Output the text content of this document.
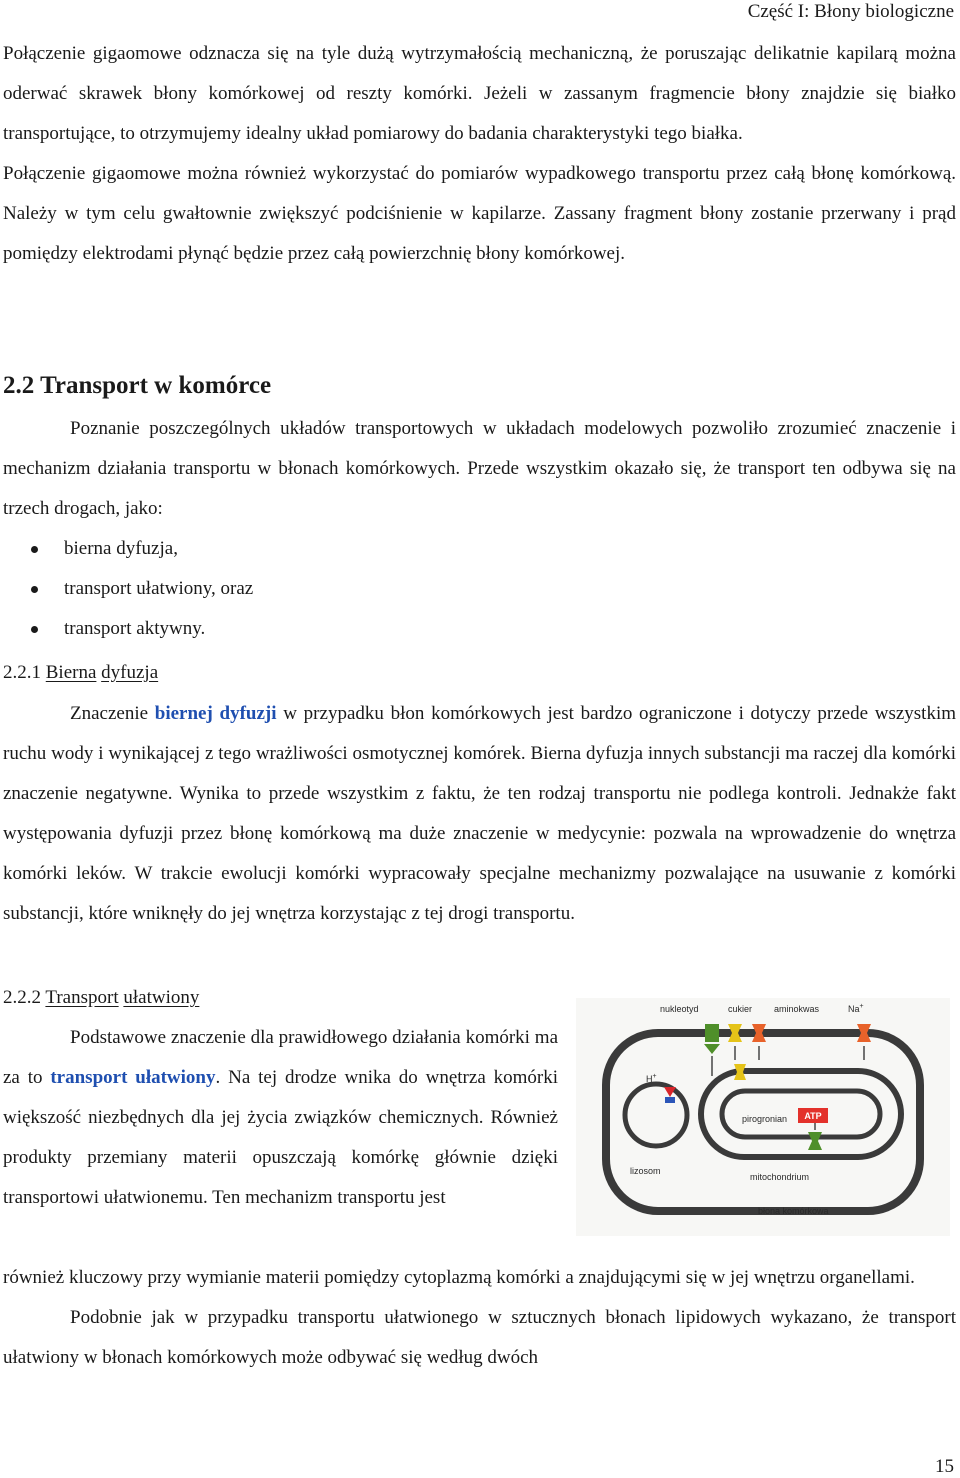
Część I: Błony biologiczne

Połączenie gigaomowe odznacza się na tyle dużą wytrzymałością mechaniczną, że poruszając delikatnie kapilarą można oderwać skrawek błony komórkowej od reszty komórki. Jeżeli w zassanym fragmencie błony znajdzie się białko transportujące, to otrzymujemy idealny układ pomiarowy do badania charakterystyki tego białka.

Połączenie gigaomowe można również wykorzystać do pomiarów wypadkowego transportu przez całą błonę komórkową. Należy w tym celu gwałtownie zwiększyć podciśnienie w kapilarze. Zassany fragment błony zostanie przerwany i prąd pomiędzy elektrodami płynąć będzie przez całą powierzchnię błony komórkowej.

2.2 Transport w komórce

Poznanie poszczególnych układów transportowych w układach modelowych pozwoliło zrozumieć znaczenie i mechanizm działania transportu w błonach komórkowych. Przede wszystkim okazało się, że transport ten odbywa się na trzech drogach, jako:

bierna dyfuzja,
transport ułatwiony, oraz
transport aktywny.
2.2.1 Bierna dyfuzja

Znaczenie biernej dyfuzji w przypadku błon komórkowych jest bardzo ograniczone i dotyczy przede wszystkim ruchu wody i wynikającej z tego wrażliwości osmotycznej komórek. Bierna dyfuzja innych substancji ma raczej dla komórki znaczenie negatywne. Wynika to przede wszystkim z faktu, że ten rodzaj transportu nie podlega kontroli. Jednakże fakt występowania dyfuzji przez błonę komórkową ma duże znaczenie w medycynie: pozwala na wprowadzenie do wnętrza komórki leków. W trakcie ewolucji komórki wypracowały specjalne mechanizmy pozwalające na usuwanie z komórki substancji, które wniknęły do jej wnętrza korzystając z tej drogi transportu.

2.2.2 Transport ułatwiony

Podstawowe znaczenie dla prawidłowego działania komórki ma za to transport ułatwiony. Na tej drodze wnika do wnętrza komórki większość niezbędnych dla jej życia związków chemicznych. Również produkty przemiany materii opuszczają komórkę głównie dzięki transportowi ułatwionemu. Ten mechanizm transportu jest

nukleotyd	cukier aminokwas	Na+
H+
pirogronian
lizosom
mitochondrium
błona komórkowa
ATP

również kluczowy przy wymianie materii pomiędzy cytoplazmą komórki a znajdującymi się w jej wnętrzu organellami.

Podobnie jak w przypadku transportu ułatwionego w sztucznych błonach lipidowych wykazano, że transport ułatwiony w błonach komórkowych może odbywać się według dwóch

15
